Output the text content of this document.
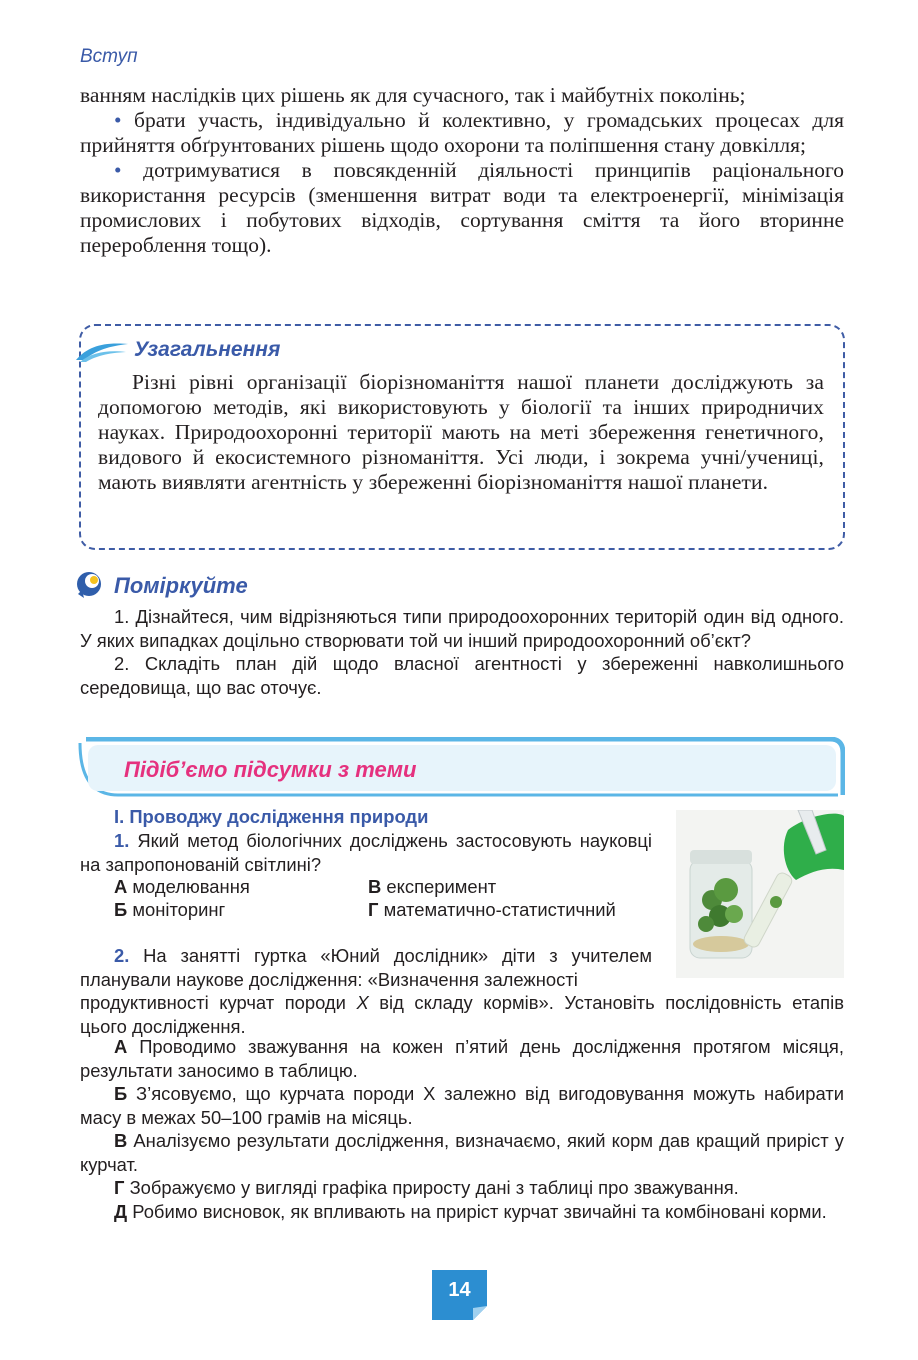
Вступ

ванням наслідків цих рішень як для сучасного, так і майбутніх поколінь;

• брати участь, індивідуально й колективно, у громадських процесах для прийняття обґрунтованих рішень щодо охорони та поліпшення стану довкілля;

• дотримуватися в повсякденній діяльності принципів раціонального використання ресурсів (зменшення витрат води та електроенергії, мінімізація промислових і побутових відходів, сортування сміття та його вторинне перероблення тощо).

Узагальнення

Різні рівні організації біорізноманіття нашої планети досліджують за допомогою методів, які використовують у біології та інших природничих науках. Природоохоронні території мають на меті збереження генетичного, видового й екосистемного різноманіття. Усі люди, і зокрема учні/учениці, мають виявляти агентність у збереженні біорізноманіття нашої планети.

Поміркуйте

1. Дізнайтеся, чим відрізняються типи природоохоронних територій один від одного. У яких випадках доцільно створювати той чи інший природоохоронний об’єкт?

2. Складіть план дій щодо власної агентності у збереженні навколишнього середовища, що вас оточує.

Підіб’ємо підсумки з теми
I. Проводжу дослідження природи

1. Який метод біологічних досліджень застосовують науковці на запропонованій світлині?

А моделювання	В експеримент
Б моніторинг	Г математично-статистичний

2. На занятті гуртка «Юний дослідник» діти з учителем планували наукове дослідження: «Визначення залежності

продуктивності курчат породи Х від складу кормів». Установіть послідовність етапів цього дослідження.

А Проводимо зважування на кожен п’ятий день дослідження протягом місяця, результати заносимо в таблицю.

Б З’ясовуємо, що курчата породи Х залежно від вигодовування можуть набирати масу в межах 50–100 грамів на місяць.

В Аналізуємо результати дослідження, визначаємо, який корм дав кращий приріст у курчат.

Г Зображуємо у вигляді графіка приросту дані з таблиці про зважування.

Д Робимо висновок, як впливають на приріст курчат звичайні та комбіновані корми.

14
